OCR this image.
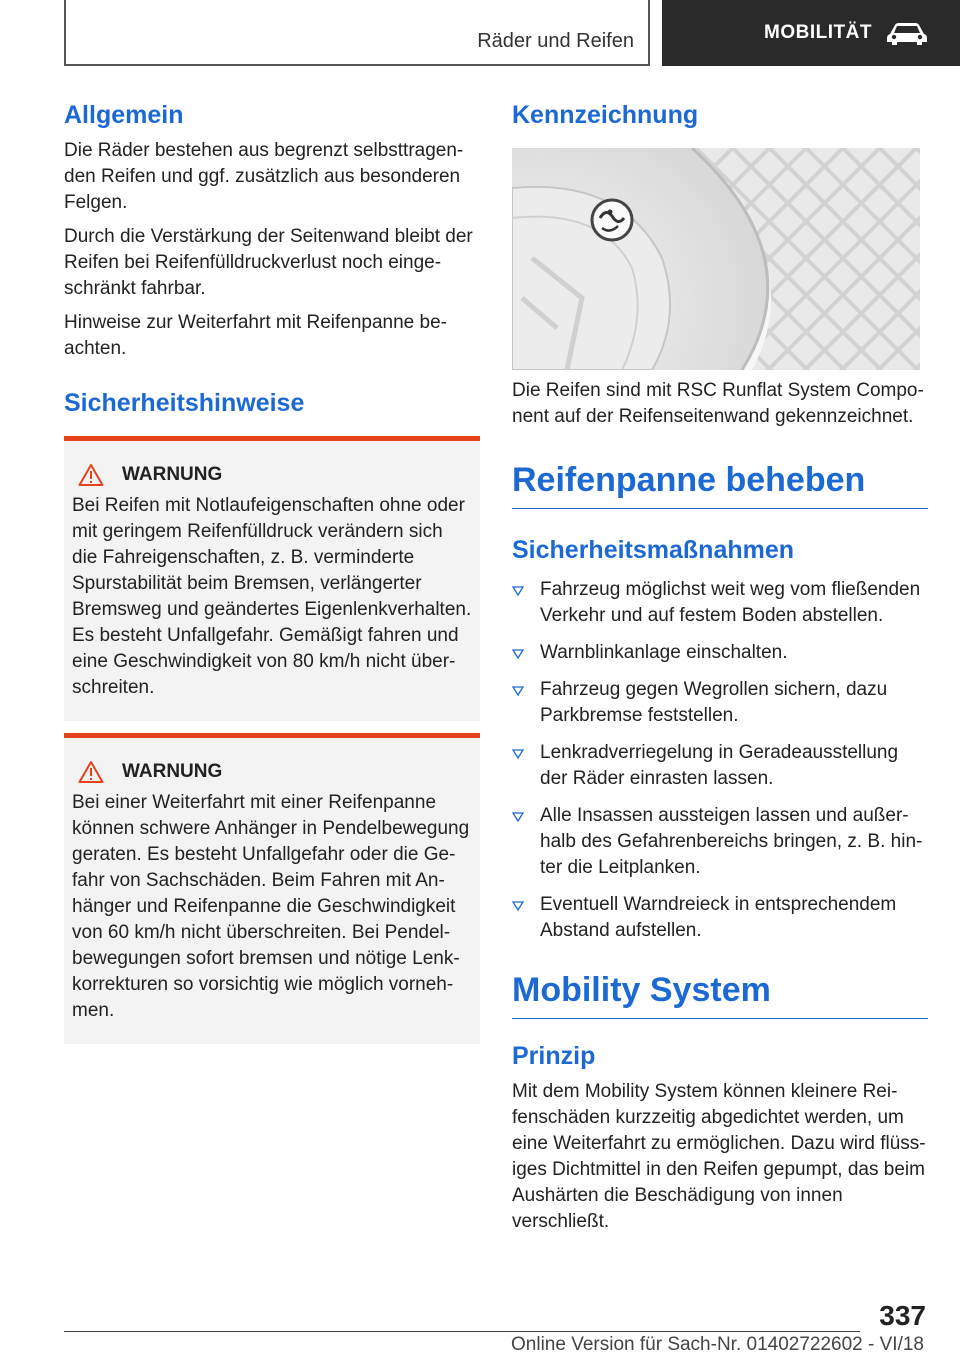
Räder und Reifen	MOBILITÄT
Allgemein

Die Räder bestehen aus begrenzt selbsttragen-den Reifen und ggf. zusätzlich aus besonderen Felgen.

Durch die Verstärkung der Seitenwand bleibt der Reifen bei Reifenfülldruckverlust noch einge-schränkt fahrbar.

Hinweise zur Weiterfahrt mit Reifenpanne be-achten.

Sicherheitshinweise
WARNUNG

Bei Reifen mit Notlaufeigenschaften ohne oder mit geringem Reifenfülldruck verändern sich die Fahreigenschaften, z. B. verminderte Spurstabilität beim Bremsen, verlängerter Bremsweg und geändertes Eigenlenkverhalten. Es besteht Unfallgefahr. Gemäßigt fahren und eine Geschwindigkeit von 80 km/h nicht über-schreiten.

WARNUNG

Bei einer Weiterfahrt mit einer Reifenpanne können schwere Anhänger in Pendelbewegung geraten. Es besteht Unfallgefahr oder die Ge-fahr von Sachschäden. Beim Fahren mit An-hänger und Reifenpanne die Geschwindigkeit von 60 km/h nicht überschreiten. Bei Pendel-bewegungen sofort bremsen und nötige Lenk-korrekturen so vorsichtig wie möglich vorneh-men.

Kennzeichnung

Die Reifen sind mit RSC Runflat System Compo-nent auf der Reifenseitenwand gekennzeichnet.

Reifenpanne beheben
Sicherheitsmaßnahmen
Fahrzeug möglichst weit weg vom fließenden Verkehr und auf festem Boden abstellen.
Warnblinkanlage einschalten.
Fahrzeug gegen Wegrollen sichern, dazu Parkbremse feststellen.
Lenkradverriegelung in Geradeausstellung der Räder einrasten lassen.
Alle Insassen aussteigen lassen und außer-halb des Gefahrenbereichs bringen, z. B. hin-ter die Leitplanken.
Eventuell Warndreieck in entsprechendem Abstand aufstellen.
Mobility System
Prinzip

Mit dem Mobility System können kleinere Rei-fenschäden kurzzeitig abgedichtet werden, um eine Weiterfahrt zu ermöglichen. Dazu wird flüss-iges Dichtmittel in den Reifen gepumpt, das beim Aushärten die Beschädigung von innen verschließt.

337
Online Version für Sach-Nr. 01402722602 - VI/18
